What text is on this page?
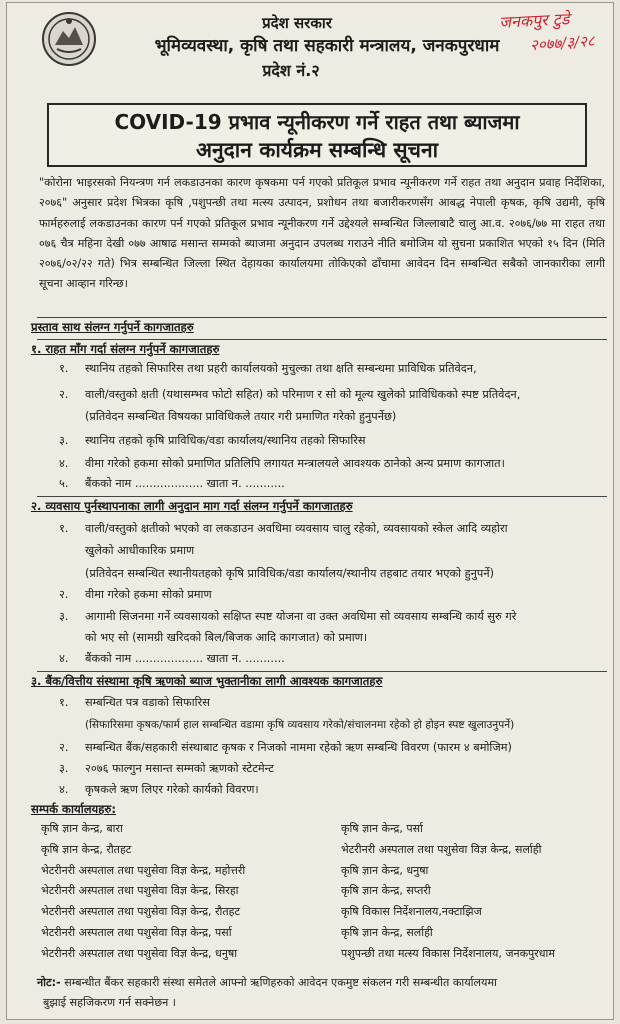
प्रदेश सरकार
भूमिव्यवस्था, कृषि तथा सहकारी मन्त्रालय, जनकपुरधाम
प्रदेश नं.२
जनकपुर टुडे
२०७७/३/२८
COVID-19 प्रभाव न्यूनीकरण गर्ने राहत तथा ब्याजमा
अनुदान कार्यक्रम सम्बन्धि सूचना
"कोरोना भाइरसको नियन्त्रण गर्न लकडाउनका कारण कृषकमा पर्न गएको प्रतिकूल प्रभाव न्यूनीकरण गर्ने राहत तथा अनुदान प्रवाह निर्देशिका, २०७६" अनुसार प्रदेश भित्रका कृषि ,पशुपन्छी तथा मत्स्य उत्पादन, प्रशोधन तथा बजारीकरणसँग आबद्ध नेपाली कृषक, कृषि उद्यमी, कृषि फार्महरुलाई लकडाउनका कारण पर्न गएको प्रतिकूल प्रभाव न्यूनीकरण गर्ने उद्देश्यले सम्बन्धित जिल्लाबाटै चालु आ.व. २०७६/७७ मा राहत तथा ०७६ चैत्र महिना देखी ०७७ आषाढ मसान्त सम्मको ब्याजमा अनुदान उपलब्ध गराउने नीति बमोजिम यो सुचना प्रकाशित भएको १५ दिन (मिति २०७६/०२/२२ गते) भित्र सम्बन्धित जिल्ला स्थित देहायका कार्यालयमा तोकिएको ढाँचामा आवेदन दिन सम्बन्धित सबैको जानकारीका लागी सूचना आव्हान गरिन्छ।
प्रस्ताव साथ संलग्न गर्नुपर्ने कागजातहरु
१. राहत माँग गर्दा संलग्न गर्नुपर्ने कागजातहरु
१. स्थानिय तहको सिफारिस तथा प्रहरी कार्यालयको मुचुल्का तथा क्षति सम्बन्धमा प्राविधिक प्रतिवेदन,
२. वाली/वस्तुको क्षती (यथासम्भव फोटो सहित) को परिमाण र सो को मूल्य खुलेको प्राविधिकको स्पष्ट प्रतिवेदन,
(प्रतिवेदन सम्बन्धित विषयका प्राविधिकले तयार गरी प्रमाणित गरेको हुनुपर्नेछ)
३. स्थानिय तहको कृषि प्राविधिक/वडा कार्यालय/स्थानिय तहको सिफारिस
४. वीमा गरेको हकमा सोको प्रमाणित प्रतिलिपि लगायत मन्त्रालयले आवश्यक ठानेको अन्य प्रमाण कागजात।
५. बैंकको नाम ................... खाता न. ...........
२. व्यवसाय पुर्नस्थापनाका लागी अनुदान माग गर्दा संलग्न गर्नुपर्ने कागजातहरु
१. वाली/वस्तुको क्षतीको भएको वा लकडाउन अवधिमा व्यवसाय चालु रहेको, व्यवसायको स्केल आदि व्यहोरा
खुलेको आधीकारिक प्रमाण
(प्रतिवेदन सम्बन्धित स्थानीयतहको कृषि प्राविधिक/वडा कार्यालय/स्थानीय तहबाट तयार भएको हुनुपर्ने)
२. वीमा गरेको हकमा सोको प्रमाण
३. आगामी सिजनमा गर्ने व्यवसायको सक्षिप्त स्पष्ट योजना वा उक्त अवधिमा सो व्यवसाय सम्बन्धि कार्य सुरु गरे
को भए सो (सामग्री खरिदको बिल/बिजक आदि कागजात) को प्रमाण।
४. बैंकको नाम ................... खाता न. ...........
३. बैंक/वित्तीय संस्थामा कृषि ऋणको ब्याज भुक्तानीका लागी आवश्यक कागजातहरु
१. सम्बन्धित पत्र वडाको सिफारिस
(सिफारिसमा कृषक/फार्म हाल सम्बन्धित वडामा कृषि व्यवसाय गरेको/संचालनमा रहेको हो होइन स्पष्ट खुलाउनुपर्ने)
२. सम्बन्धित बैंक/सहकारी संस्थाबाट कृषक र निजको नाममा रहेको ऋण सम्बन्धि विवरण (फारम ४ बमोजिम)
३. २०७६ फाल्गुन मसान्त सम्मको ऋणको स्टेटमेन्ट
४. कृषकले ऋण लिएर गरेको कार्यको विवरण।
सम्पर्क कार्यालयहरु:
कृषि ज्ञान केन्द्र, बारा
कृषि ज्ञान केन्द्र, रौतहट
भेटरीनरी अस्पताल तथा पशुसेवा विज्ञ केन्द्र, महोत्तरी
भेटरीनरी अस्पताल तथा पशुसेवा विज्ञ केन्द्र, सिरहा
भेटरीनरी अस्पताल तथा पशुसेवा विज्ञ केन्द्र, रौतहट
भेटरीनरी अस्पताल तथा पशुसेवा विज्ञ केन्द्र, पर्सा
भेटरीनरी अस्पताल तथा पशुसेवा विज्ञ केन्द्र, धनुषा
कृषि ज्ञान केन्द्र, पर्सा
भेटरीनरी अस्पताल तथा पशुसेवा विज्ञ केन्द्र, सर्लाही
कृषि ज्ञान केन्द्र, धनुषा
कृषि ज्ञान केन्द्र, सप्तरी
कृषि विकास निर्देशनालय,नक्टाझिज
कृषि ज्ञान केन्द्र, सर्लाही
पशुपन्छी तथा मत्स्य विकास निर्देशनालय, जनकपुरधाम
नोट:- सम्बन्धीत बैंकर सहकारी संस्था समेतले आफ्नो ऋणिहरुको आवेदन एकमुष्ट संकलन गरी सम्बन्धीत कार्यालयमा
बुझाई सहजिकरण गर्न सक्नेछन ।
